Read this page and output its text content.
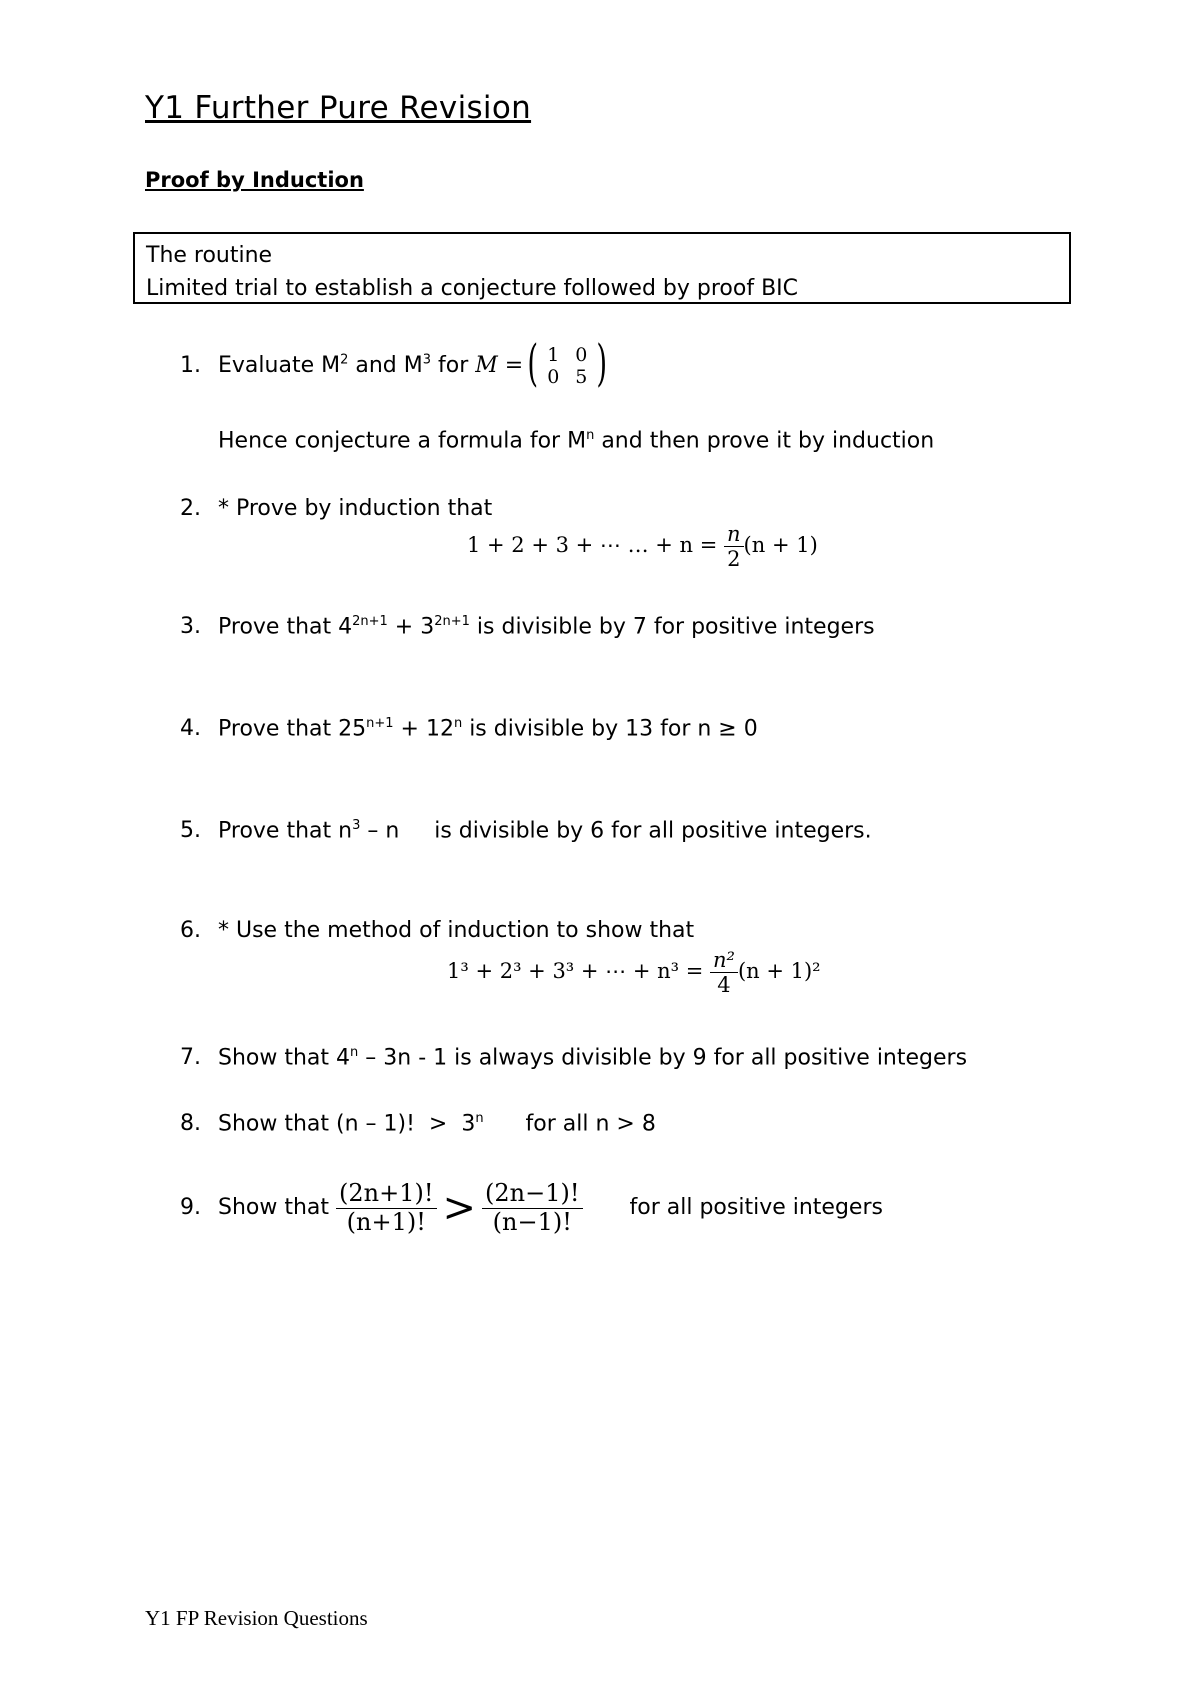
Y1 Further Pure Revision
Proof by Induction
The routine
Limited trial to establish a conjecture followed by proof BIC
1. Evaluate $M^2$ and $M^3$ for M =
( 1	0
0	5 )
Hence conjecture a formula for $M^n$ and then prove it by induction
2. * Prove by induction that
1 + 2 + 3 + ⋯ … + $n = \frac{n}{2} (n + 1)$
3. Prove that $4^{2n+1} + 3^{2n+1}$ is divisible by 7 for positive integers
4. Prove that $25^{n+1} + 12^n$ is divisible by 13 for n ≥ 0
5. Prove that $n^3$ – n     is divisible by 6 for all positive integers.
6. * Use the method of induction to show that
1³ + 2³ + 3³ + ⋯ + $n^3 = \frac{\text{n²}}{4} (n + 1)^2$
7. Show that 4$^n$ – 3n - 1 is always divisible by 9 for all positive integers
8. Show that (n – 1)!  >  3$^n$      for all n > 8
9. Show that $\frac{(2n+1)!}{(n+1)!} > \frac{(2n-1)!}{(n-1)!}$ for all positive integers
Y1 FP Revision Questions
